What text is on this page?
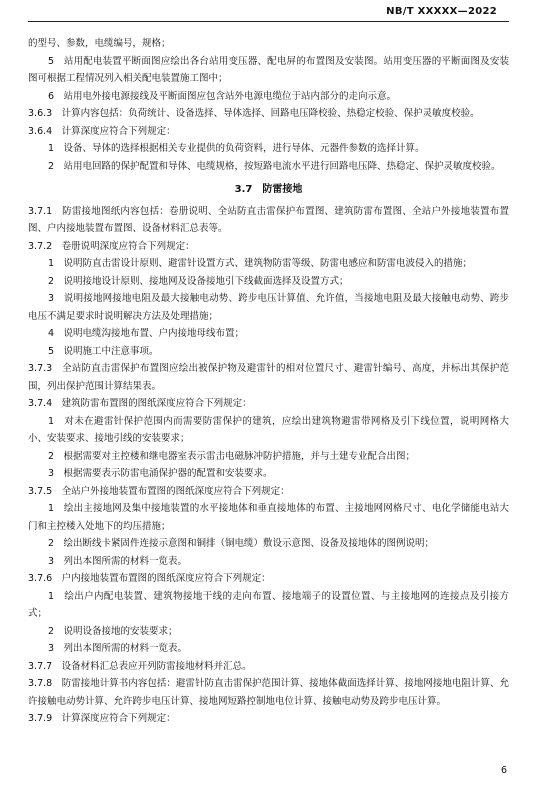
NB/T XXXXX—2022

的型号、参数，电缆编号，规格；

5　站用配电装置平断面图应绘出各台站用变压器、配电屏的布置图及安装图。站用变压器的平断面图及安装图可根据工程情况列入相关配电装置施工图中；

6　站用电外接电源接线及平断面图应包含站外电源电缆位于站内部分的走向示意。

3.6.3　计算内容包括：负荷统计、设备选择、导体选择、回路电压降校验、热稳定校验、保护灵敏度校验。

3.6.4　计算深度应符合下列规定：

1　设备、导体的选择根据相关专业提供的负荷资料，进行导体、元器件参数的选择计算。

2　站用电回路的保护配置和导体、电缆规格，按短路电流水平进行回路电压降、热稳定、保护灵敏度校验。

3.7　防雷接地

3.7.1　防雷接地图纸内容包括：卷册说明、全站防直击雷保护布置图、建筑防雷布置图、全站户外接地装置布置图、户内接地装置布置图、设备材料汇总表等。

3.7.2　卷册说明深度应符合下列规定：

1　说明防直击雷设计原则、避雷针设置方式、建筑物防雷等级、防雷电感应和防雷电波侵入的措施；

2　说明接地设计原则、接地网及设备接地引下线截面选择及设置方式；

3　说明接地网接地电阻及最大接触电动势、跨步电压计算值、允许值，当接地电阻及最大接触电动势、跨步电压不满足要求时说明解决方法及处理措施；

4　说明电缆沟接地布置、户内接地母线布置；

5　说明施工中注意事项。

3.7.3　全站防直击雷保护布置图应绘出被保护物及避雷针的相对位置尺寸、避雷针编号、高度，并标出其保护范围，列出保护范围计算结果表。

3.7.4　建筑防雷布置图的图纸深度应符合下列规定：

1　对未在避雷针保护范围内而需要防雷保护的建筑，应绘出建筑物避雷带网格及引下线位置，说明网格大小、安装要求、接地引线的安装要求；

2　根据需要对主控楼和继电器室表示雷击电磁脉冲防护措施，并与土建专业配合出图；

3　根据需要表示防雷电涌保护器的配置和安装要求。

3.7.5　全站户外接地装置布置图的图纸深度应符合下列规定：

1　绘出主接地网及集中接地装置的水平接地体和垂直接地体的布置、主接地网网格尺寸、电化学储能电站大门和主控楼入处地下的均压措施；

2　绘出断线卡紧固件连接示意图和铜排（铜电缆）敷设示意图、设备及接地体的图例说明；

3　列出本图所需的材料一览表。

3.7.6　户内接地装置布置图的图纸深度应符合下列规定：

1　绘出户内配电装置、建筑物接地干线的走向布置、接地端子的设置位置、与主接地网的连接点及引接方式；

2　说明设备接地的安装要求；

3　列出本图所需的材料一览表。

3.7.7　设备材料汇总表应开列防雷接地材料并汇总。

3.7.8　防雷接地计算书内容包括：避雷针防直击雷保护范围计算、接地体截面选择计算、接地网接地电阻计算、允许接触电动势计算、允许跨步电压计算、接地网短路控制地电位计算、接触电动势及跨步电压计算。

3.7.9　计算深度应符合下列规定：

6
